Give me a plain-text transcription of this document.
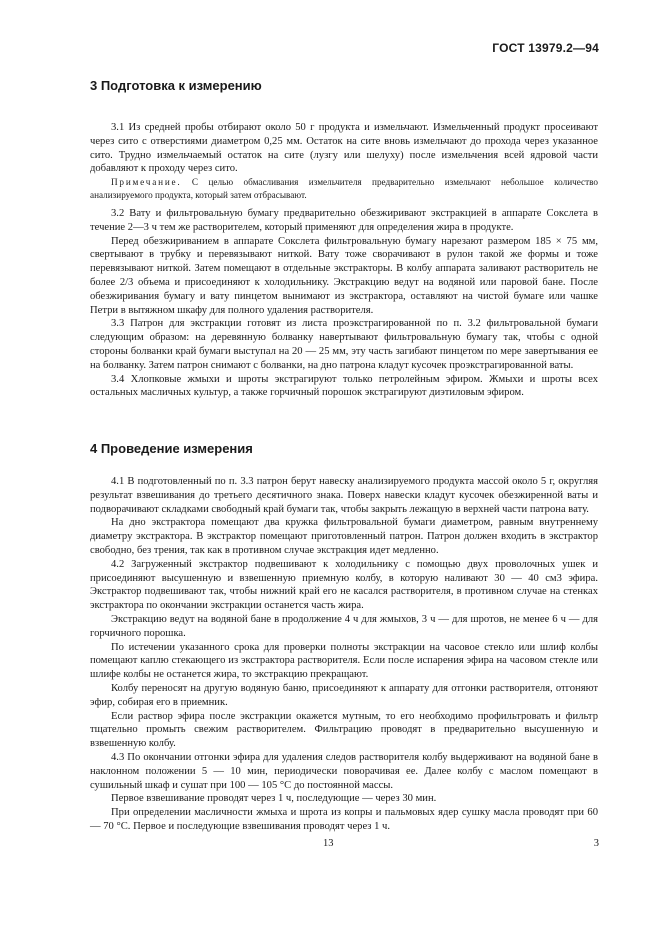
ГОСТ 13979.2—94
3 Подготовка к измерению

3.1 Из средней пробы отбирают около 50 г продукта и измельчают. Измельченный продукт просеивают через сито с отверстиями диаметром 0,25 мм. Остаток на сите вновь измельчают до прохода через указанное сито. Трудно измельчаемый остаток на сите (лузгу или шелуху) после измельчения всей ядровой части добавляют к проходу через сито.

Примечание. С целью обмасливания измельчителя предварительно измельчают небольшое количество анализируемого продукта, который затем отбрасывают.

3.2 Вату и фильтровальную бумагу предварительно обезжиривают экстракцией в аппарате Сокслета в течение 2—3 ч тем же растворителем, который применяют для определения жира в продукте.

Перед обезжириванием в аппарате Сокслета фильтровальную бумагу нарезают размером 185 × 75 мм, свертывают в трубку и перевязывают ниткой. Вату тоже сворачивают в рулон такой же формы и тоже перевязывают ниткой. Затем помещают в отдельные экстракторы. В колбу аппарата заливают растворитель не более 2/3 объема и присоединяют к холодильнику. Экстракцию ведут на водяной или паровой бане. После обезжиривания бумагу и вату пинцетом вынимают из экстрактора, оставляют на чистой бумаге или чашке Петри в вытяжном шкафу для полного удаления растворителя.

3.3 Патрон для экстракции готовят из листа проэкстрагированной по п. 3.2 фильтровальной бумаги следующим образом: на деревянную болванку навертывают фильтровальную бумагу так, чтобы с одной стороны болванки край бумаги выступал на 20 — 25 мм, эту часть загибают пинцетом по мере завертывания ее на болванку. Затем патрон снимают с болванки, на дно патрона кладут кусочек проэкстрагированной ваты.

3.4 Хлопковые жмыхи и шроты экстрагируют только петролейным эфиром. Жмыхи и шроты всех остальных масличных культур, а также горчичный порошок экстрагируют диэтиловым эфиром.

4 Проведение измерения

4.1 В подготовленный по п. 3.3 патрон берут навеску анализируемого продукта массой около 5 г, округляя результат взвешивания до третьего десятичного знака. Поверх навески кладут кусочек обезжиренной ваты и подворачивают складками свободный край бумаги так, чтобы закрыть лежащую в верхней части патрона вату.

На дно экстрактора помещают два кружка фильтровальной бумаги диаметром, равным внутреннему диаметру экстрактора. В экстрактор помещают приготовленный патрон. Патрон должен входить в экстрактор свободно, без трения, так как в противном случае экстракция идет медленно.

4.2 Загруженный экстрактор подвешивают к холодильнику с помощью двух проволочных ушек и присоединяют высушенную и взвешенную приемную колбу, в которую наливают 30 — 40 см3 эфира. Экстрактор подвешивают так, чтобы нижний край его не касался растворителя, в противном случае на стенках экстрактора по окончании экстракции останется часть жира.

Экстракцию ведут на водяной бане в продолжение 4 ч для жмыхов, 3 ч — для шротов, не менее 6 ч — для горчичного порошка.

По истечении указанного срока для проверки полноты экстракции на часовое стекло или шлиф колбы помещают каплю стекающего из экстрактора растворителя. Если после испарения эфира на часовом стекле или шлифе колбы не останется жира, то экстракцию прекращают.

Колбу переносят на другую водяную баню, присоединяют к аппарату для отгонки растворителя, отгоняют эфир, собирая его в приемник.

Если раствор эфира после экстракции окажется мутным, то его необходимо профильтровать и фильтр тщательно промыть свежим растворителем. Фильтрацию проводят в предварительно высушенную и взвешенную колбу.

4.3 По окончании отгонки эфира для удаления следов растворителя колбу выдерживают на водяной бане в наклонном положении 5 — 10 мин, периодически поворачивая ее. Далее колбу с маслом помещают в сушильный шкаф и сушат при 100 — 105 °С до постоянной массы.

Первое взвешивание проводят через 1 ч, последующие — через 30 мин.

При определении масличности жмыха и шрота из копры и пальмовых ядер сушку масла проводят при 60 — 70 °С. Первое и последующие взвешивания проводят через 1 ч.

13	3
